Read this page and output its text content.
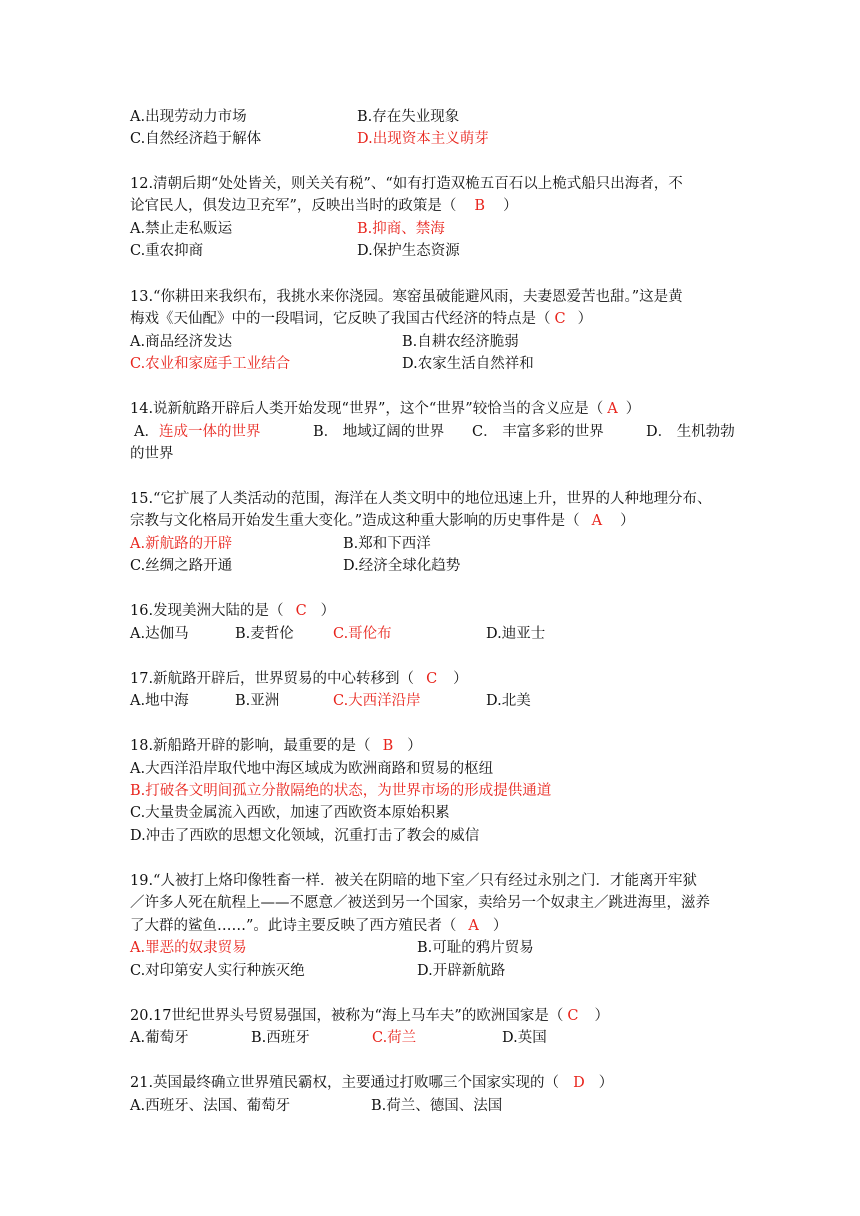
A.出现劳动力市场	B.存在失业现象
C.自然经济趋于解体	D.出现资本主义萌芽
12.清朝后期“处处皆关，则关关有税”、“如有打造双桅五百石以上桅式船只出海者，不
论官民人，俱发边卫充军”，反映出当时的政策是（ B ）
A.禁止走私贩运	B.抑商、禁海
C.重农抑商	D.保护生态资源
13.“你耕田来我织布，我挑水来你浇园。寒窑虽破能避风雨，夫妻恩爱苦也甜。”这是黄
梅戏《天仙配》中的一段唱词，它反映了我国古代经济的特点是（ C ）
A.商品经济发达	B.自耕农经济脆弱
C.农业和家庭手工业结合	D.农家生活自然祥和
14.说新航路开辟后人类开始发现“世界”，这个“世界”较恰当的含义应是（ A ）
A．连成一体的世界	B． 地域辽阔的世界 C． 丰富多彩的世界	D． 生机勃勃
的世界
15.“它扩展了人类活动的范围，海洋在人类文明中的地位迅速上升，世界的人种地理分布、
宗教与文化格局开始发生重大变化。”造成这种重大影响的历史事件是（ A ）
A.新航路的开辟	B.郑和下西洋
C.丝绸之路开通	D.经济全球化趋势
16.发现美洲大陆的是（ C ）
A.达伽马	B.麦哲伦	C.哥伦布	D.迪亚士
17.新航路开辟后，世界贸易的中心转移到（ C ）
A.地中海	B.亚洲	C.大西洋沿岸	D.北美
18.新船路开辟的影响，最重要的是（ B ）
A.大西洋沿岸取代地中海区域成为欧洲商路和贸易的枢纽
B.打破各文明间孤立分散隔绝的状态，为世界市场的形成提供通道
C.大量贵金属流入西欧，加速了西欧资本原始积累
D.冲击了西欧的思想文化领域，沉重打击了教会的威信
19.“人被打上烙印像牲畜一样．被关在阴暗的地下室／只有经过永别之门．才能离开牢狱
／许多人死在航程上——不愿意／被送到另一个国家，卖给另一个奴隶主／跳进海里，滋养
了大群的鲨鱼……”。此诗主要反映了西方殖民者（ A ）
A.罪恶的奴隶贸易	B.可耻的鸦片贸易
C.对印第安人实行种族灭绝	D.开辟新航路
20.17世纪世界头号贸易强国，被称为“海上马车夫”的欧洲国家是（ C ）
A.葡萄牙	B.西班牙	C.荷兰	D.英国
21.英国最终确立世界殖民霸权，主要通过打败哪三个国家实现的（ D ）
A.西班牙、法国、葡萄牙	B.荷兰、德国、法国
